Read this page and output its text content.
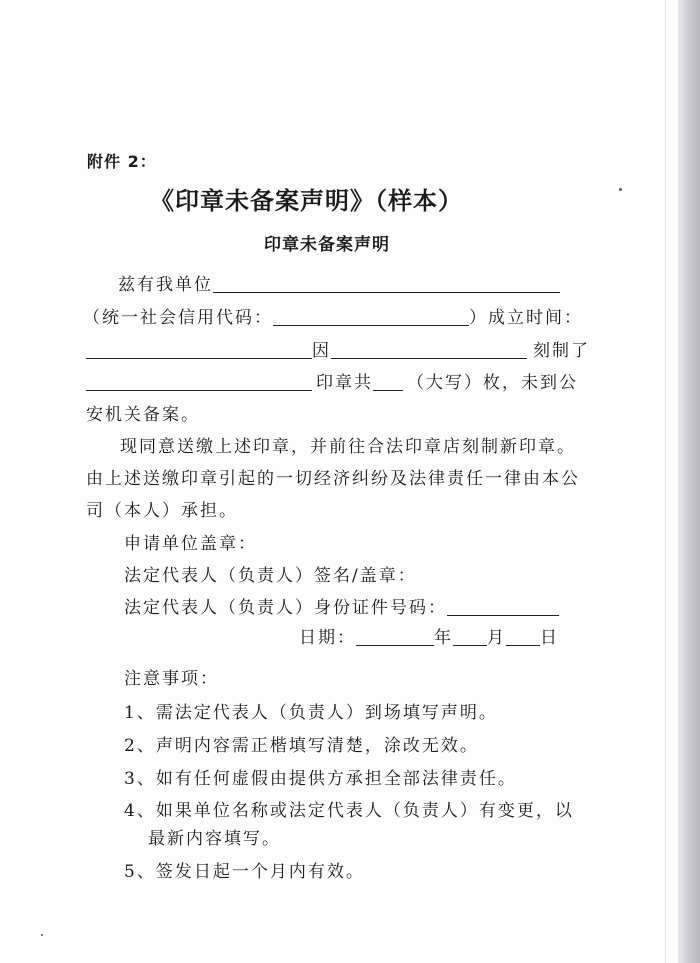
附件 2：
《印章未备案声明》（样本）
印章未备案声明
兹有我单位
（统一社会信用代码：	）成立时间：
因	刻制了
印章共 （大写）枚，未到公
安机关备案。
现同意送缴上述印章，并前往合法印章店刻制新印章。
由上述送缴印章引起的一切经济纠纷及法律责任一律由本公
司（本人）承担。
申请单位盖章：
法定代表人（负责人）签名/盖章：
法定代表人（负责人）身份证件号码：
日期：	年 月 日
注意事项：
1、需法定代表人（负责人）到场填写声明。
2、声明内容需正楷填写清楚，涂改无效。
3、如有任何虚假由提供方承担全部法律责任。
4、如果单位名称或法定代表人（负责人）有变更，以
最新内容填写。
5、签发日起一个月内有效。
